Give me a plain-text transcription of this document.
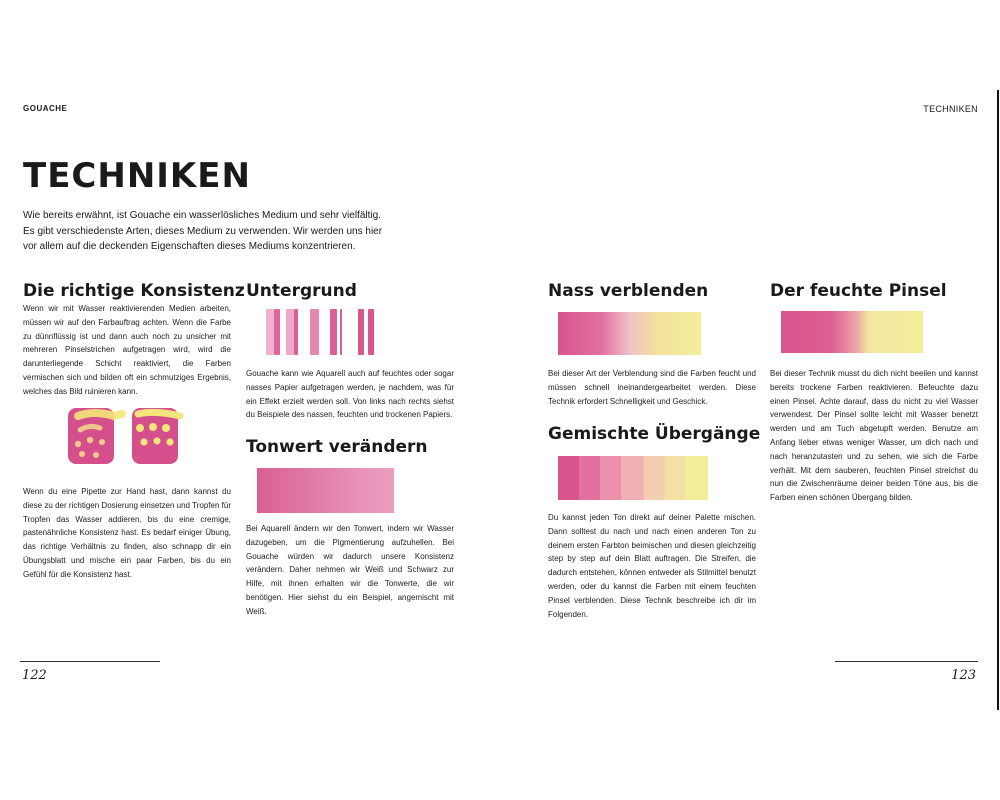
GOUACHE	TECHNIKEN
TECHNIKEN
Wie bereits erwähnt, ist Gouache ein wasserlösliches Medium und sehr vielfältig. Es gibt verschiedenste Arten, dieses Medium zu verwenden. Wir werden uns hier vor allem auf die deckenden Eigenschaften dieses Mediums konzentrieren.
Die richtige Konsistenz
Wenn wir mit Wasser reaktivierenden Medien arbeiten, müssen wir auf den Farbauftrag achten. Wenn die Farbe zu dünnflüssig ist und dann auch noch zu unsicher mit mehreren Pinselstrichen aufgetragen wird, wird die darunterliegende Schicht reaktiviert, die Farben vermischen sich und bilden oft ein schmutziges Ergebnis, welches das Bild ruinieren kann.
Wenn du eine Pipette zur Hand hast, dann kannst du diese zu der richtigen Dosierung einsetzen und Tropfen für Tropfen das Wasser addieren, bis du eine cremige, pastenähnliche Konsistenz hast. Es bedarf einiger Übung, das richtige Verhältnis zu finden, also schnapp dir ein Übungsblatt und mische ein paar Farben, bis du ein Gefühl für die Konsistenz hast.
Untergrund
Gouache kann wie Aquarell auch auf feuchtes oder sogar nasses Papier aufgetragen werden, je nachdem, was für ein Effekt erzielt werden soll. Von links nach rechts siehst du Beispiele des nassen, feuchten und trockenen Papiers.
Tonwert verändern
Bei Aquarell ändern wir den Tonwert, indem wir Wasser dazugeben, um die Pigmentierung aufzuhellen. Bei Gouache würden wir dadurch unsere Konsistenz verändern. Daher nehmen wir Weiß und Schwarz zur Hilfe, mit ihnen erhalten wir die Tonwerte, die wir benötigen. Hier siehst du ein Beispiel, angemischt mit Weiß.
Nass verblenden
Bei dieser Art der Verblendung sind die Farben feucht und müssen schnell ineinandergearbeitet werden. Diese Technik erfordert Schnelligkeit und Geschick.
Gemischte Übergänge
Du kannst jeden Ton direkt auf deiner Palette mischen. Dann solltest du nach und nach einen anderen Ton zu deinem ersten Farbton beimischen und diesen gleichzeitig step by step auf dein Blatt auftragen. Die Streifen, die dadurch entstehen, können entweder als Stilmittel benutzt werden, oder du kannst die Farben mit einem feuchten Pinsel verblenden. Diese Technik beschreibe ich dir im Folgenden.
Der feuchte Pinsel
Bei dieser Technik musst du dich nicht beeilen und kannst bereits trockene Farben reaktivieren. Befeuchte dazu einen Pinsel. Achte darauf, dass du nicht zu viel Wasser verwendest. Der Pinsel sollte leicht mit Wasser benetzt werden und am Tuch abgetupft werden. Benutze am Anfang lieber etwas weniger Wasser, um dich nach und nach heranzutasten und zu sehen, wie sich die Farbe verhält. Mit dem sauberen, feuchten Pinsel streichst du nun die Zwischenräume deiner beiden Töne aus, bis die Farben einen schönen Übergang bilden.
122	123
